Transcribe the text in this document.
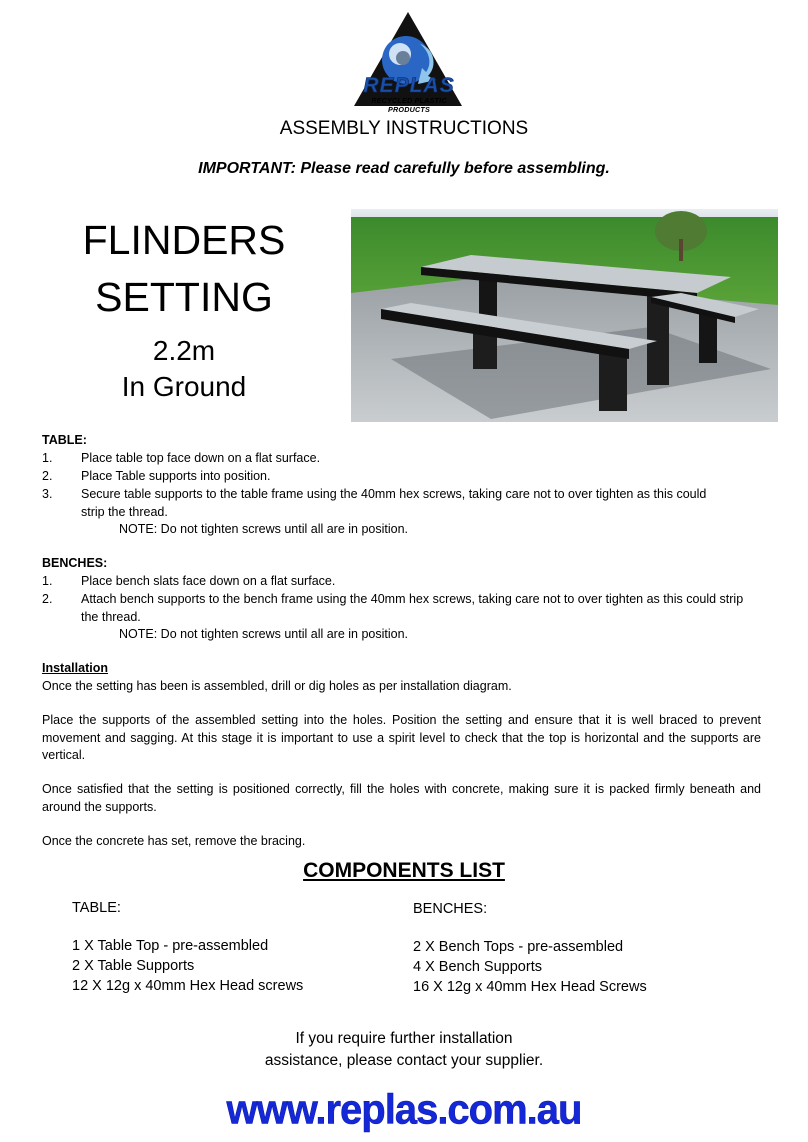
REPLAS
RECYCLED PLASTIC PRODUCTS
ASSEMBLY INSTRUCTIONS
IMPORTANT: Please read carefully before assembling.
FLINDERS
SETTING
2.2m
In Ground
TABLE:
1. Place table top face down on a flat surface.
2. Place Table supports into position.
3. Secure table supports to the table frame using the 40mm hex screws, taking care not to over tighten as this could
strip the thread.
NOTE: Do not tighten screws until all are in position.
BENCHES:
1. Place bench slats face down on a flat surface.
2. Attach bench supports to the bench frame using the 40mm hex screws, taking care not to over tighten as this could strip
the thread.
NOTE: Do not tighten screws until all are in position.
Installation
Once the setting has been is assembled, drill or dig holes as per installation diagram.
Place the supports of the assembled setting into the holes. Position the setting and ensure that it is well braced to prevent movement and sagging. At this stage it is important to use a spirit level to check that the top is horizontal and the supports are vertical.
Once satisfied that the setting is positioned correctly, fill the holes with concrete, making sure it is packed firmly beneath and around the supports.
Once the concrete has set, remove the bracing.
COMPONENTS LIST
TABLE:
1 X Table Top - pre-assembled
2 X Table Supports
12 X 12g x 40mm Hex Head screws
BENCHES:
2 X Bench Tops - pre-assembled
4 X Bench Supports
16 X 12g x 40mm Hex Head Screws
If you require further installation
assistance, please contact your supplier.
www.replas.com.au
